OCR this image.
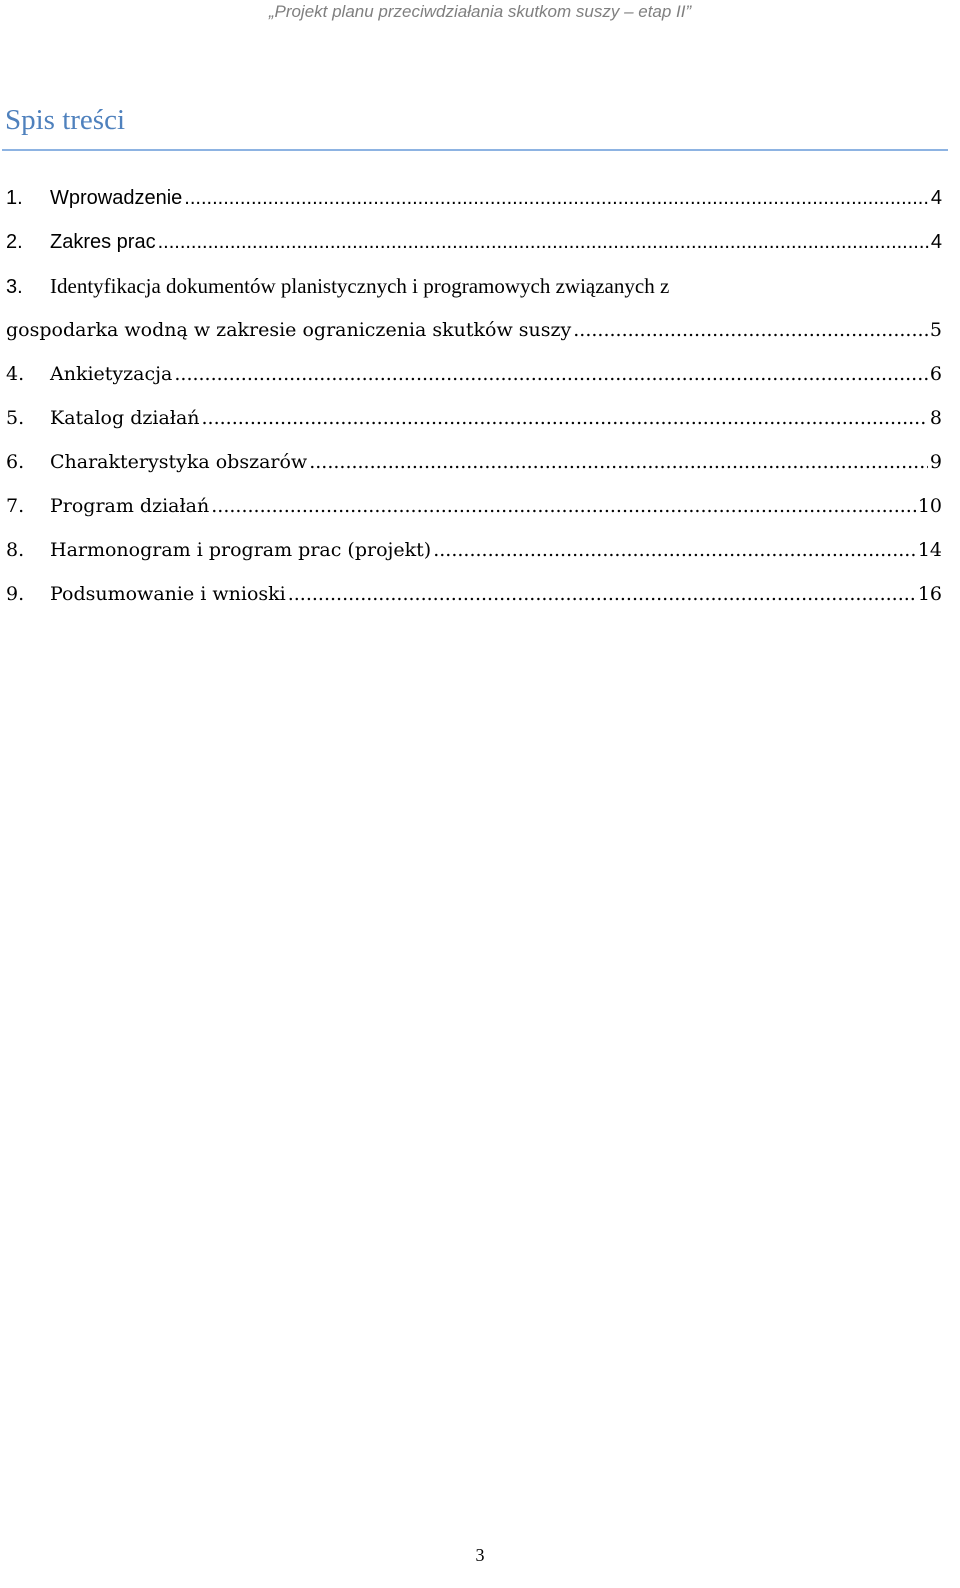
„Projekt planu przeciwdziałania skutkom suszy – etap II”
Spis treści
1.	Wprowadzenie .....	4
2.	Zakres prac .....	4
3.	Identyfikacja dokumentów planistycznych i programowych związanych z
gospodarka wodną w zakresie ograniczenia skutków suszy .....	5
4.	Ankietyzacja .....	6
5.	Katalog działań .....	8
6.	Charakterystyka obszarów .....	9
7.	Program działań .....	10
8.	Harmonogram i program prac (projekt) .....	14
9.	Podsumowanie i wnioski .....	16
3
